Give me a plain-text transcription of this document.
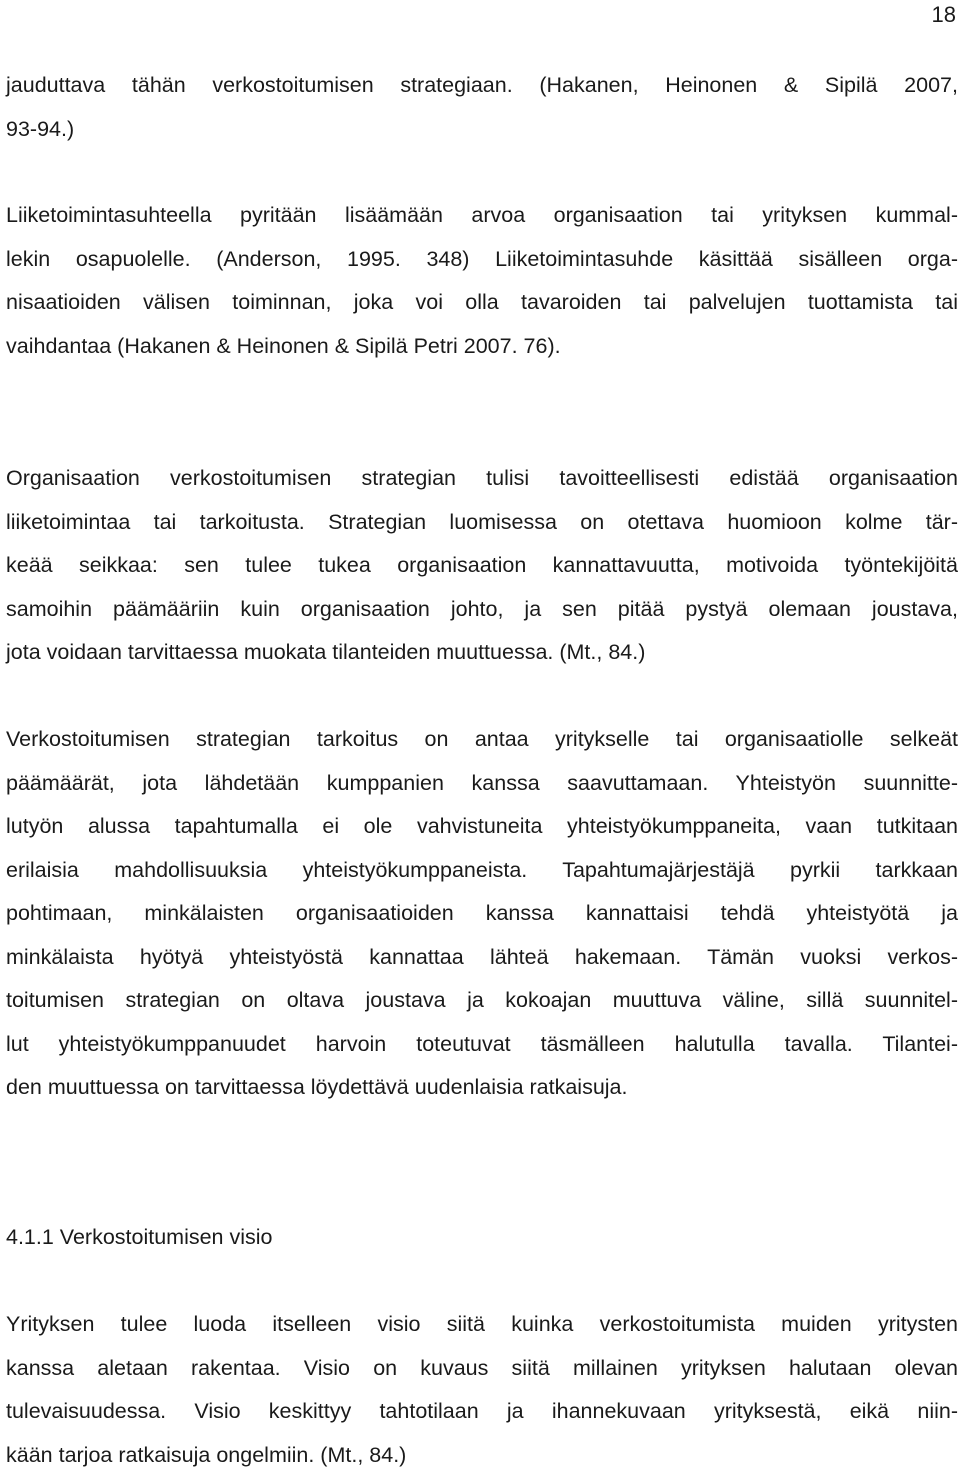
18
jauduttava tähän verkostoitumisen strategiaan. (Hakanen, Heinonen & Sipilä 2007,
93-94.)
Liiketoimintasuhteella pyritään lisäämään arvoa organisaation tai yrityksen kummal-
lekin osapuolelle. (Anderson, 1995. 348) Liiketoimintasuhde käsittää sisälleen orga-
nisaatioiden välisen toiminnan, joka voi olla tavaroiden tai palvelujen tuottamista tai
vaihdantaa (Hakanen & Heinonen & Sipilä Petri 2007. 76).
Organisaation verkostoitumisen strategian tulisi tavoitteellisesti edistää organisaation
liiketoimintaa tai tarkoitusta. Strategian luomisessa on otettava huomioon kolme tär-
keää seikkaa: sen tulee tukea organisaation kannattavuutta, motivoida työntekijöitä
samoihin päämääriin kuin organisaation johto, ja sen pitää pystyä olemaan joustava,
jota voidaan tarvittaessa muokata tilanteiden muuttuessa. (Mt., 84.)
Verkostoitumisen strategian tarkoitus on antaa yritykselle tai organisaatiolle selkeät
päämäärät, jota lähdetään kumppanien kanssa saavuttamaan. Yhteistyön suunnitte-
lutyön alussa tapahtumalla ei ole vahvistuneita yhteistyökumppaneita, vaan tutkitaan
erilaisia mahdollisuuksia yhteistyökumppaneista. Tapahtumajärjestäjä pyrkii tarkkaan
pohtimaan, minkälaisten organisaatioiden kanssa kannattaisi tehdä yhteistyötä ja
minkälaista hyötyä yhteistyöstä kannattaa lähteä hakemaan. Tämän vuoksi verkos-
toitumisen strategian on oltava joustava ja kokoajan muuttuva väline, sillä suunnitel-
lut yhteistyökumppanuudet harvoin toteutuvat täsmälleen halutulla tavalla. Tilantei-
den muuttuessa on tarvittaessa löydettävä uudenlaisia ratkaisuja.
4.1.1 Verkostoitumisen visio
Yrityksen tulee luoda itselleen visio siitä kuinka verkostoitumista muiden yritysten
kanssa aletaan rakentaa. Visio on kuvaus siitä millainen yrityksen halutaan olevan
tulevaisuudessa. Visio keskittyy tahtotilaan ja ihannekuvaan yrityksestä, eikä niin-
kään tarjoa ratkaisuja ongelmiin. (Mt., 84.)
